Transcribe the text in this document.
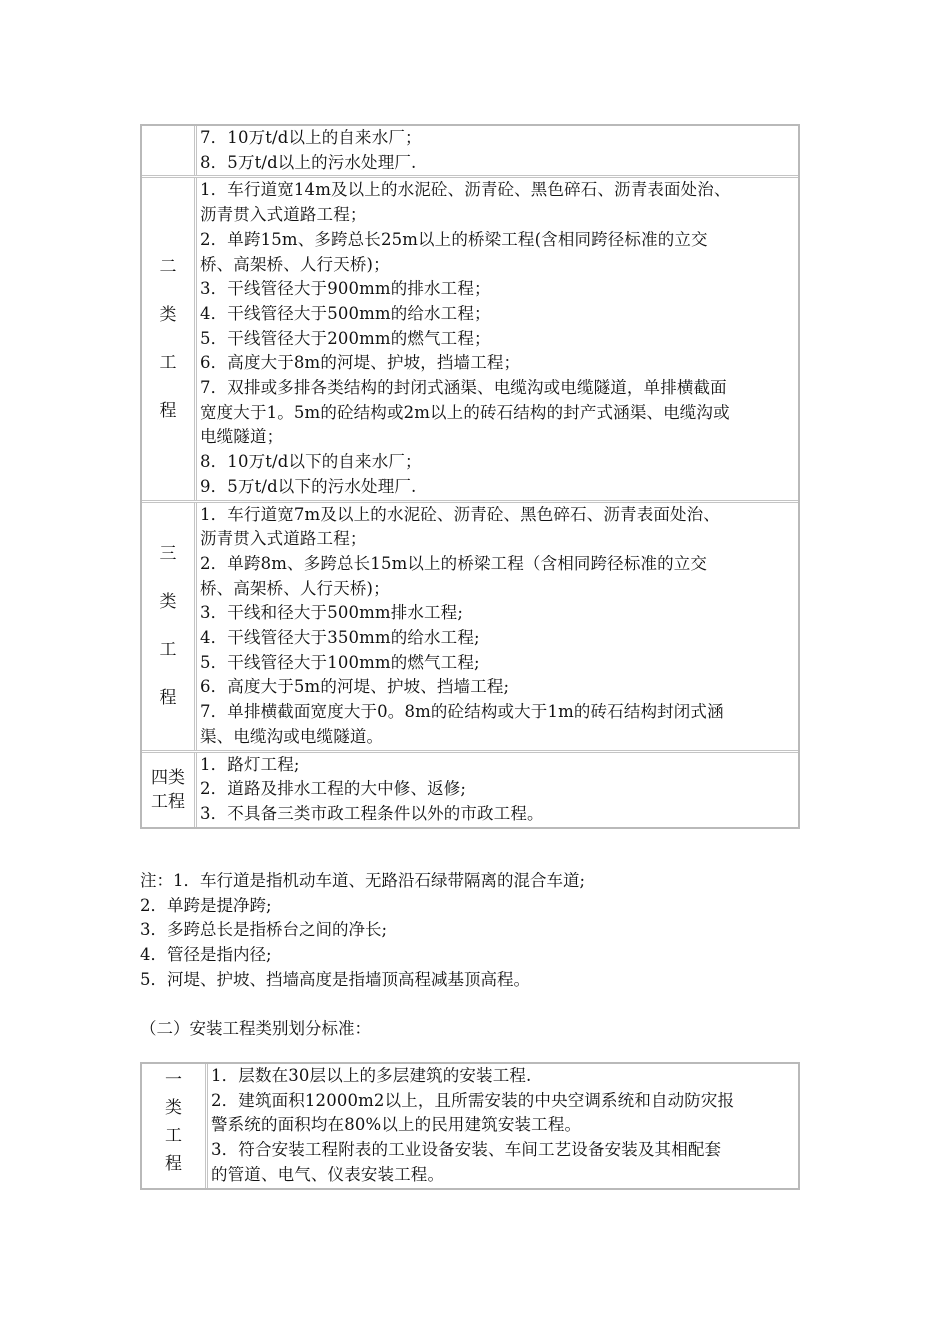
7．10万t/d以上的自来水厂；
8．5万t/d以上的污水处理厂.
二
类
工
程
1．车行道宽14m及以上的水泥砼、沥青砼、黑色碎石、沥青表面处治、
沥青贯入式道路工程；
2．单跨15m、多跨总长25m以上的桥梁工程(含相同跨径标准的立交
桥、高架桥、人行天桥)；
3．干线管径大于900mm的排水工程；
4．干线管径大于500mm的给水工程；
5．干线管径大于200mm的燃气工程；
6．高度大于8m的河堤、护坡，挡墙工程；
7．双排或多排各类结构的封闭式涵渠、电缆沟或电缆隧道，单排横截面
宽度大于1。5m的砼结构或2m以上的砖石结构的封产式涵渠、电缆沟或
电缆隧道；
8．10万t/d以下的自来水厂；
9．5万t/d以下的污水处理厂.
三
类
工
程
1．车行道宽7m及以上的水泥砼、沥青砼、黑色碎石、沥青表面处治、
沥青贯入式道路工程；
2．单跨8m、多跨总长15m以上的桥梁工程（含相同跨径标准的立交
桥、高架桥、人行天桥)；
3．干线和径大于500mm排水工程;
4．干线管径大于350mm的给水工程;
5．干线管径大于100mm的燃气工程;
6．高度大于5m的河堤、护坡、挡墙工程;
7．单排横截面宽度大于0。8m的砼结构或大于1m的砖石结构封闭式涵
渠、电缆沟或电缆隧道。
四类
工程
1．路灯工程;
2．道路及排水工程的大中修、返修;
3．不具备三类市政工程条件以外的市政工程。
注：1．车行道是指机动车道、无路沿石绿带隔离的混合车道;
2．单跨是提净跨;
3．多跨总长是指桥台之间的净长;
4．管径是指内径;
5．河堤、护坡、挡墙高度是指墙顶高程减基顶高程。
（二）安装工程类别划分标准：
一
类
工
程
1．层数在30层以上的多层建筑的安装工程.
2．建筑面积12000m2以上，且所需安装的中央空调系统和自动防灾报
警系统的面积均在80%以上的民用建筑安装工程。
3．符合安装工程附表的工业设备安装、车间工艺设备安装及其相配套
的管道、电气、仪表安装工程。
